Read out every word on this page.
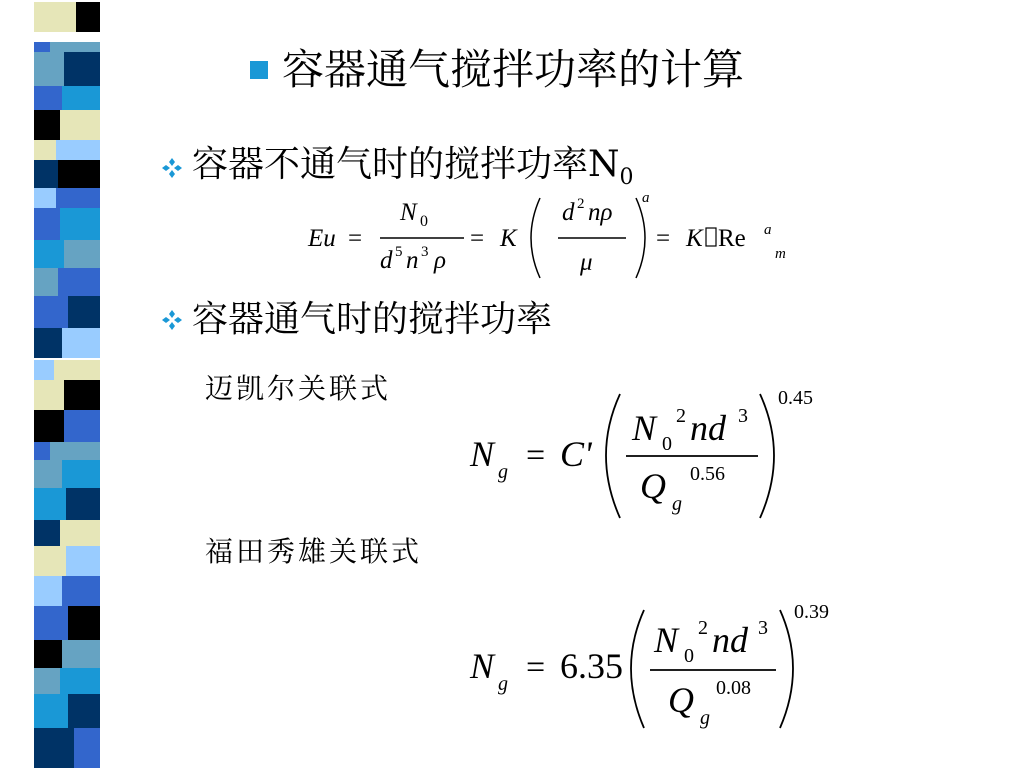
容器通气搅拌功率的计算
容器不通气时的搅拌功率$N_0$
Eu =
N 0
d 5 n 3 ρ
= K
d 2 nρ
μ
a
= K Re a
m
容器通气时的搅拌功率
迈凯尔关联式
N g = C'
N 0
2 nd 3
Q g
0.56
0.45
福田秀雄关联式
N g = 6.35
N 0
2 nd 3
Q g
0.08
0.39
